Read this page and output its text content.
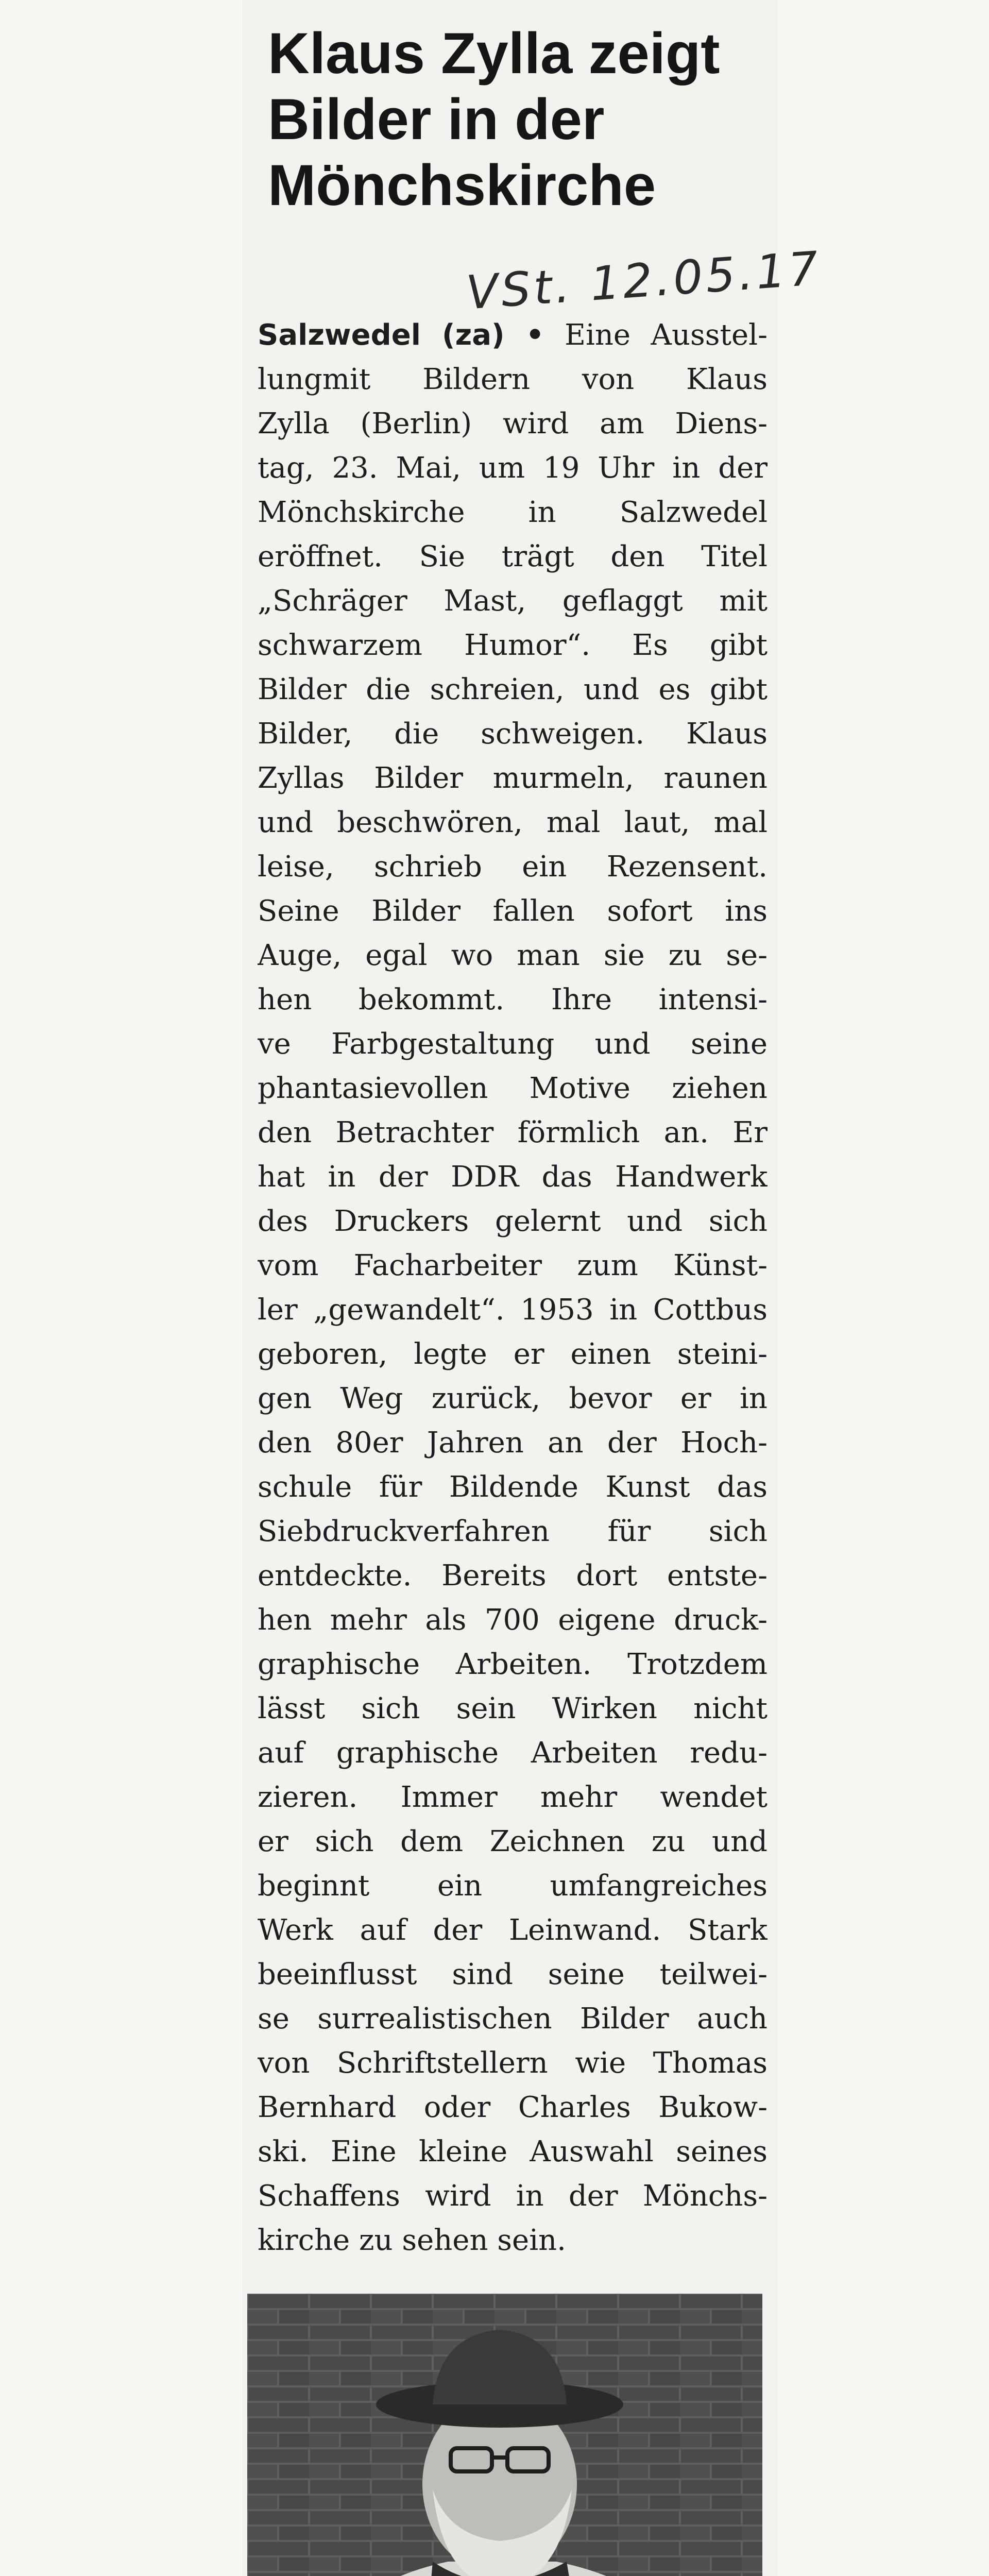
Klaus Zylla zeigt
Bilder in der
Mönchskirche
VSt. 12.05.17
Salzwedel (za) • Eine Ausstel-
lungmit Bildern von Klaus
Zylla (Berlin) wird am Diens-
tag, 23. Mai, um 19 Uhr in der
Mönchskirche in Salzwedel
eröffnet. Sie trägt den Titel
„Schräger Mast, geflaggt mit
schwarzem Humor“. Es gibt
Bilder die schreien, und es gibt
Bilder, die schweigen. Klaus
Zyllas Bilder murmeln, raunen
und beschwören, mal laut, mal
leise, schrieb ein Rezensent.
Seine Bilder fallen sofort ins
Auge, egal wo man sie zu se-
hen bekommt. Ihre intensi-
ve Farbgestaltung und seine
phantasievollen Motive ziehen
den Betrachter förmlich an. Er
hat in der DDR das Handwerk
des Druckers gelernt und sich
vom Facharbeiter zum Künst-
ler „gewandelt“. 1953 in Cottbus
geboren, legte er einen steini-
gen Weg zurück, bevor er in
den 80er Jahren an der Hoch-
schule für Bildende Kunst das
Siebdruckverfahren für sich
entdeckte. Bereits dort entste-
hen mehr als 700 eigene druck-
graphische Arbeiten. Trotzdem
lässt sich sein Wirken nicht
auf graphische Arbeiten redu-
zieren. Immer mehr wendet
er sich dem Zeichnen zu und
beginnt ein umfangreiches
Werk auf der Leinwand. Stark
beeinflusst sind seine teilwei-
se surrealistischen Bilder auch
von Schriftstellern wie Thomas
Bernhard oder Charles Bukow-
ski. Eine kleine Auswahl seines
Schaffens wird in der Mönchs-
kirche zu sehen sein.
